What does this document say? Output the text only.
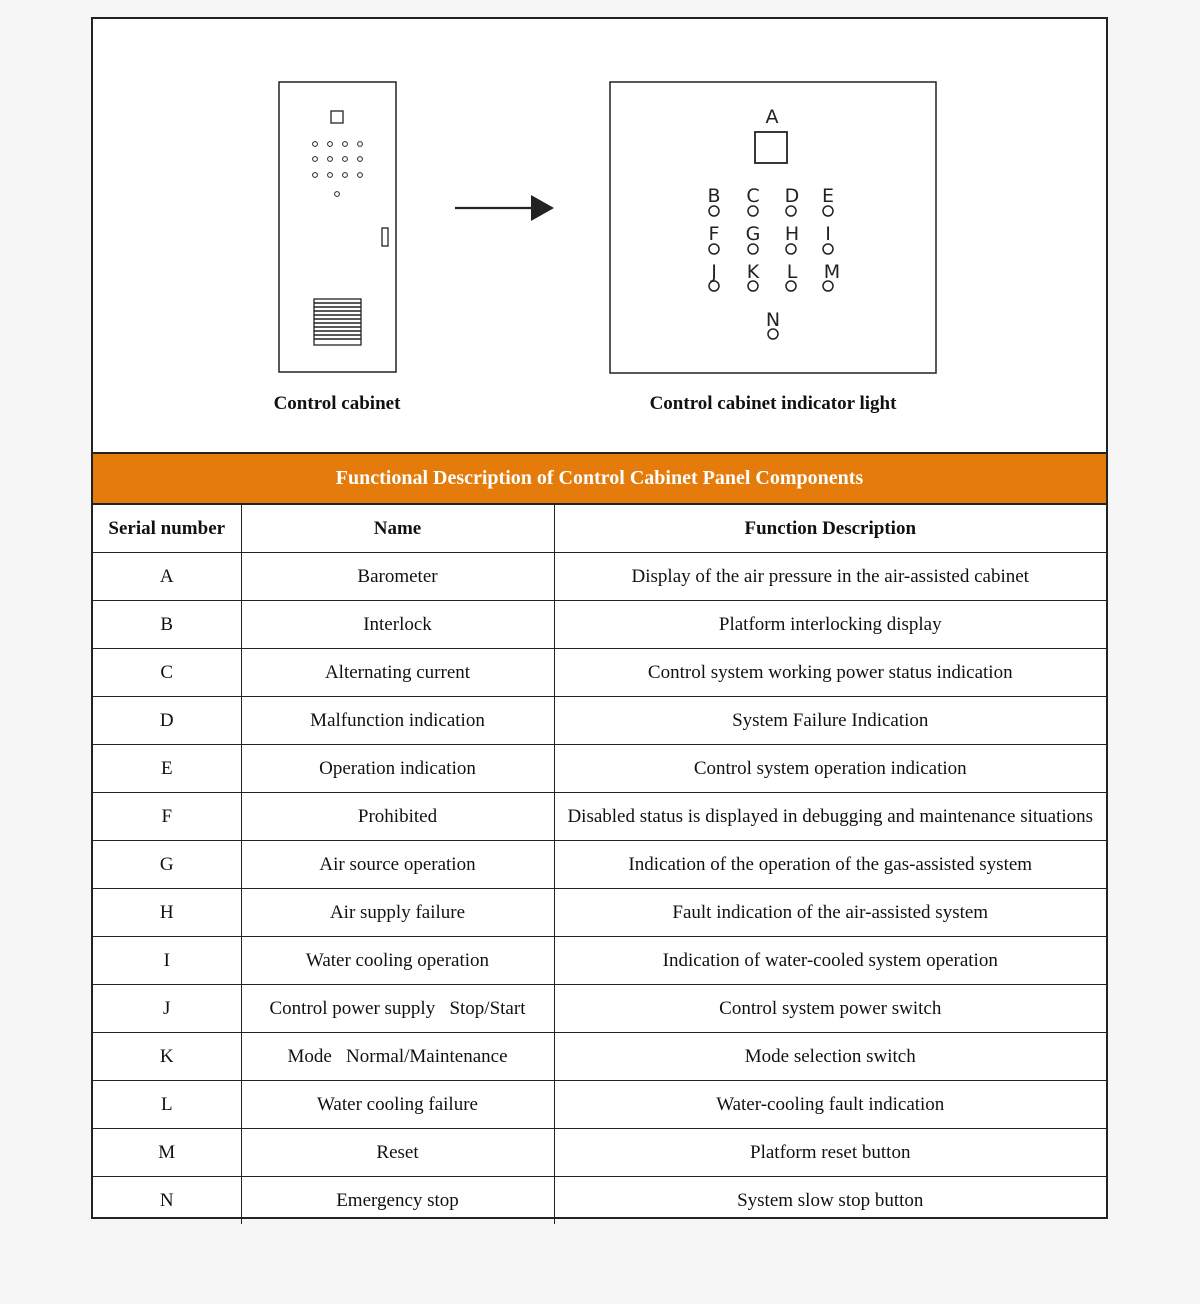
A
B C D E
F G H I
J K L M
N
Control cabinet	Control cabinet indicator light
Functional Description of Control Cabinet Panel Components
Serial number	Name	Function Description
A	Barometer	Display of the air pressure in the air-assisted cabinet
B	Interlock	Platform interlocking display
C	Alternating current	Control system working power status indication
D	Malfunction indication	System Failure Indication
E	Operation indication	Control system operation indication
F	Prohibited	Disabled status is displayed in debugging and maintenance situations
G	Air source operation	Indication of the operation of the gas-assisted system
H	Air supply failure	Fault indication of the air-assisted system
I	Water cooling operation	Indication of water-cooled system operation
J	Control power supply   Stop/Start	Control system power switch
K	Mode   Normal/Maintenance	Mode selection switch
L	Water cooling failure	Water-cooling fault indication
M	Reset	Platform reset button
N	Emergency stop	System slow stop button
